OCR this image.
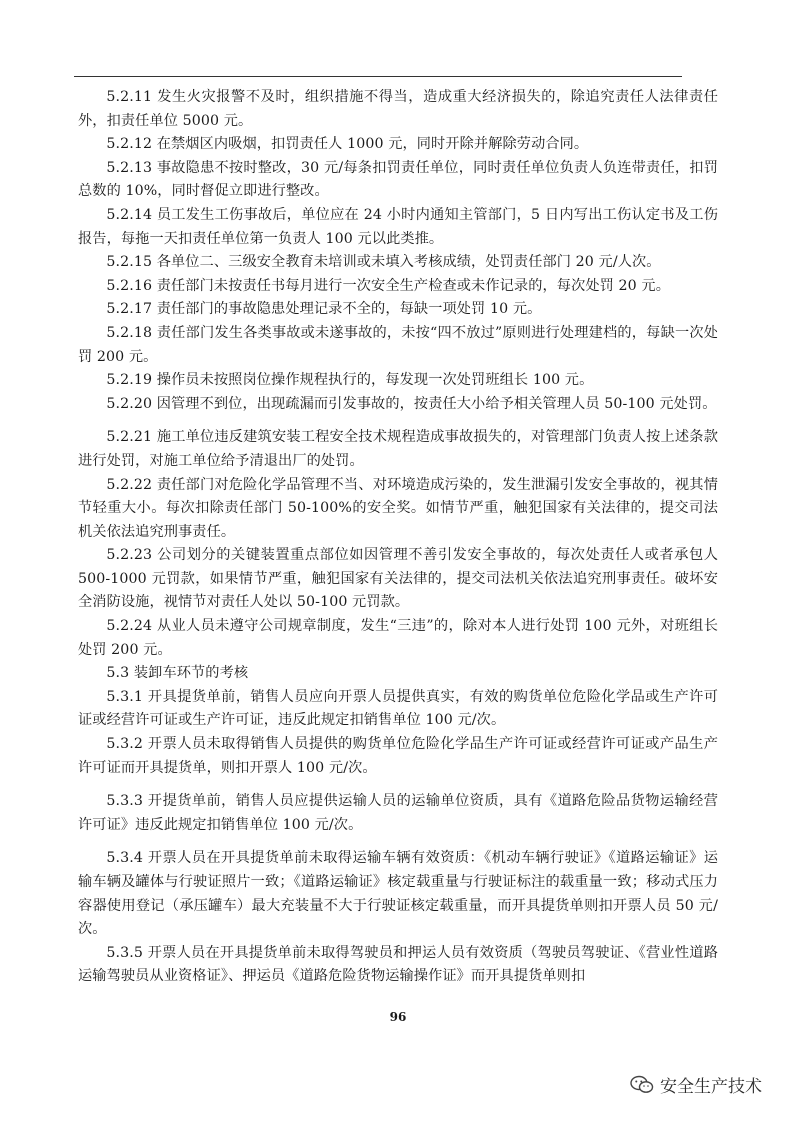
5.2.11 发生火灾报警不及时，组织措施不得当，造成重大经济损失的，除追究责任人法律责任外，扣责任单位 5000 元。

5.2.12 在禁烟区内吸烟，扣罚责任人 1000 元，同时开除并解除劳动合同。

5.2.13 事故隐患不按时整改，30 元/每条扣罚责任单位，同时责任单位负责人负连带责任，扣罚总数的 10%，同时督促立即进行整改。

5.2.14 员工发生工伤事故后，单位应在 24 小时内通知主管部门，5 日内写出工伤认定书及工伤报告，每拖一天扣责任单位第一负责人 100 元以此类推。

5.2.15 各单位二、三级安全教育未培训或未填入考核成绩，处罚责任部门 20 元/人次。

5.2.16 责任部门未按责任书每月进行一次安全生产检查或未作记录的，每次处罚 20 元。

5.2.17 责任部门的事故隐患处理记录不全的，每缺一项处罚 10 元。

5.2.18 责任部门发生各类事故或未遂事故的，未按“四不放过”原则进行处理建档的，每缺一次处罚 200 元。

5.2.19 操作员未按照岗位操作规程执行的，每发现一次处罚班组长 100 元。

5.2.20 因管理不到位，出现疏漏而引发事故的，按责任大小给予相关管理人员 50-100 元处罚。

5.2.21 施工单位违反建筑安装工程安全技术规程造成事故损失的，对管理部门负责人按上述条款进行处罚，对施工单位给予清退出厂的处罚。

5.2.22 责任部门对危险化学品管理不当、对环境造成污染的，发生泄漏引发安全事故的，视其情节轻重大小。每次扣除责任部门 50-100%的安全奖。如情节严重，触犯国家有关法律的，提交司法机关依法追究刑事责任。

5.2.23 公司划分的关键装置重点部位如因管理不善引发安全事故的，每次处责任人或者承包人 500-1000 元罚款，如果情节严重，触犯国家有关法律的，提交司法机关依法追究刑事责任。破坏安全消防设施，视情节对责任人处以 50-100 元罚款。

5.2.24 从业人员未遵守公司规章制度，发生“三违”的，除对本人进行处罚 100 元外，对班组长处罚 200 元。

5.3 装卸车环节的考核

5.3.1 开具提货单前，销售人员应向开票人员提供真实，有效的购货单位危险化学品或生产许可证或经营许可证或生产许可证，违反此规定扣销售单位 100 元/次。

5.3.2 开票人员未取得销售人员提供的购货单位危险化学品生产许可证或经营许可证或产品生产许可证而开具提货单，则扣开票人 100 元/次。

5.3.3 开提货单前，销售人员应提供运输人员的运输单位资质，具有《道路危险品货物运输经营许可证》违反此规定扣销售单位 100 元/次。

5.3.4 开票人员在开具提货单前未取得运输车辆有效资质：《机动车辆行驶证》《道路运输证》运输车辆及罐体与行驶证照片一致；《道路运输证》核定载重量与行驶证标注的载重量一致；移动式压力容器使用登记（承压罐车）最大充装量不大于行驶证核定载重量，而开具提货单则扣开票人员 50 元/次。

5.3.5 开票人员在开具提货单前未取得驾驶员和押运人员有效资质（驾驶员驾驶证、《营业性道路运输驾驶员从业资格证》、押运员《道路危险货物运输操作证》而开具提货单则扣

96
安全生产技术
